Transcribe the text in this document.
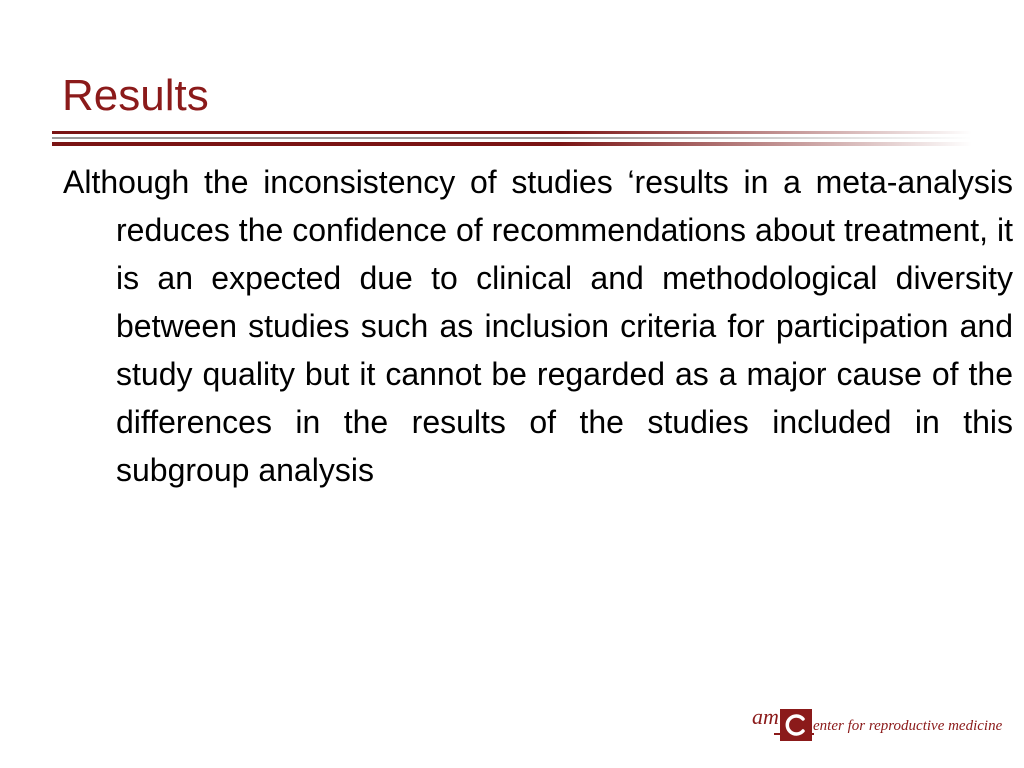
Results

Although the inconsistency of studies ‘results in a meta-analysis reduces the confidence of recommendations about treatment, it is an expected due to clinical and methodological diversity between studies such as inclusion criteria for participation and study quality but it cannot be regarded as a major cause of the differences in the results of the studies included in this subgroup analysis

am enter for reproductive medicine
